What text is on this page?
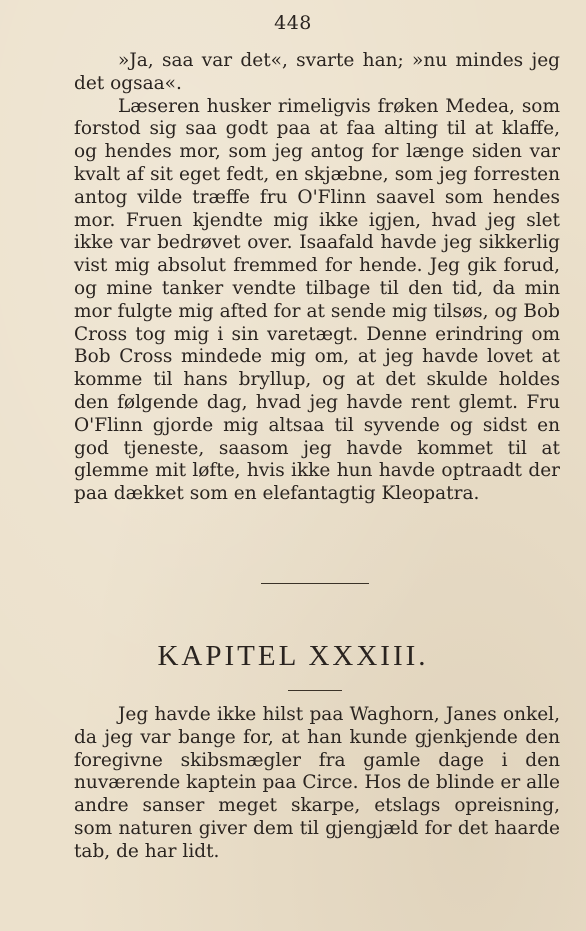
448

»Ja, saa var det«, svarte han; »nu mindes jeg det ogsaa«.

Læseren husker rimeligvis frøken Medea, som forstod sig saa godt paa at faa alting til at klaffe, og hendes mor, som jeg antog for længe siden var kvalt af sit eget fedt, en skjæbne, som jeg forresten antog vilde træffe fru O'Flinn saavel som hendes mor. Fruen kjendte mig ikke igjen, hvad jeg slet ikke var bedrøvet over. Isaafald havde jeg sikkerlig vist mig absolut fremmed for hende. Jeg gik forud, og mine tanker vendte tilbage til den tid, da min mor fulgte mig afted for at sende mig tilsøs, og Bob Cross tog mig i sin varetægt. Denne erindring om Bob Cross mindede mig om, at jeg havde lovet at komme til hans bryllup, og at det skulde holdes den følgende dag, hvad jeg havde rent glemt. Fru O'Flinn gjorde mig altsaa til syvende og sidst en god tjeneste, saasom jeg havde kommet til at glemme mit løfte, hvis ikke hun havde optraadt der paa dækket som en elefantagtig Kleopatra.

KAPITEL XXXIII.

Jeg havde ikke hilst paa Waghorn, Janes onkel, da jeg var bange for, at han kunde gjenkjende den foregivne skibsmægler fra gamle dage i den nuværende kaptein paa Circe. Hos de blinde er alle andre sanser meget skarpe, etslags opreisning, som naturen giver dem til gjengjæld for det haarde tab, de har lidt.
